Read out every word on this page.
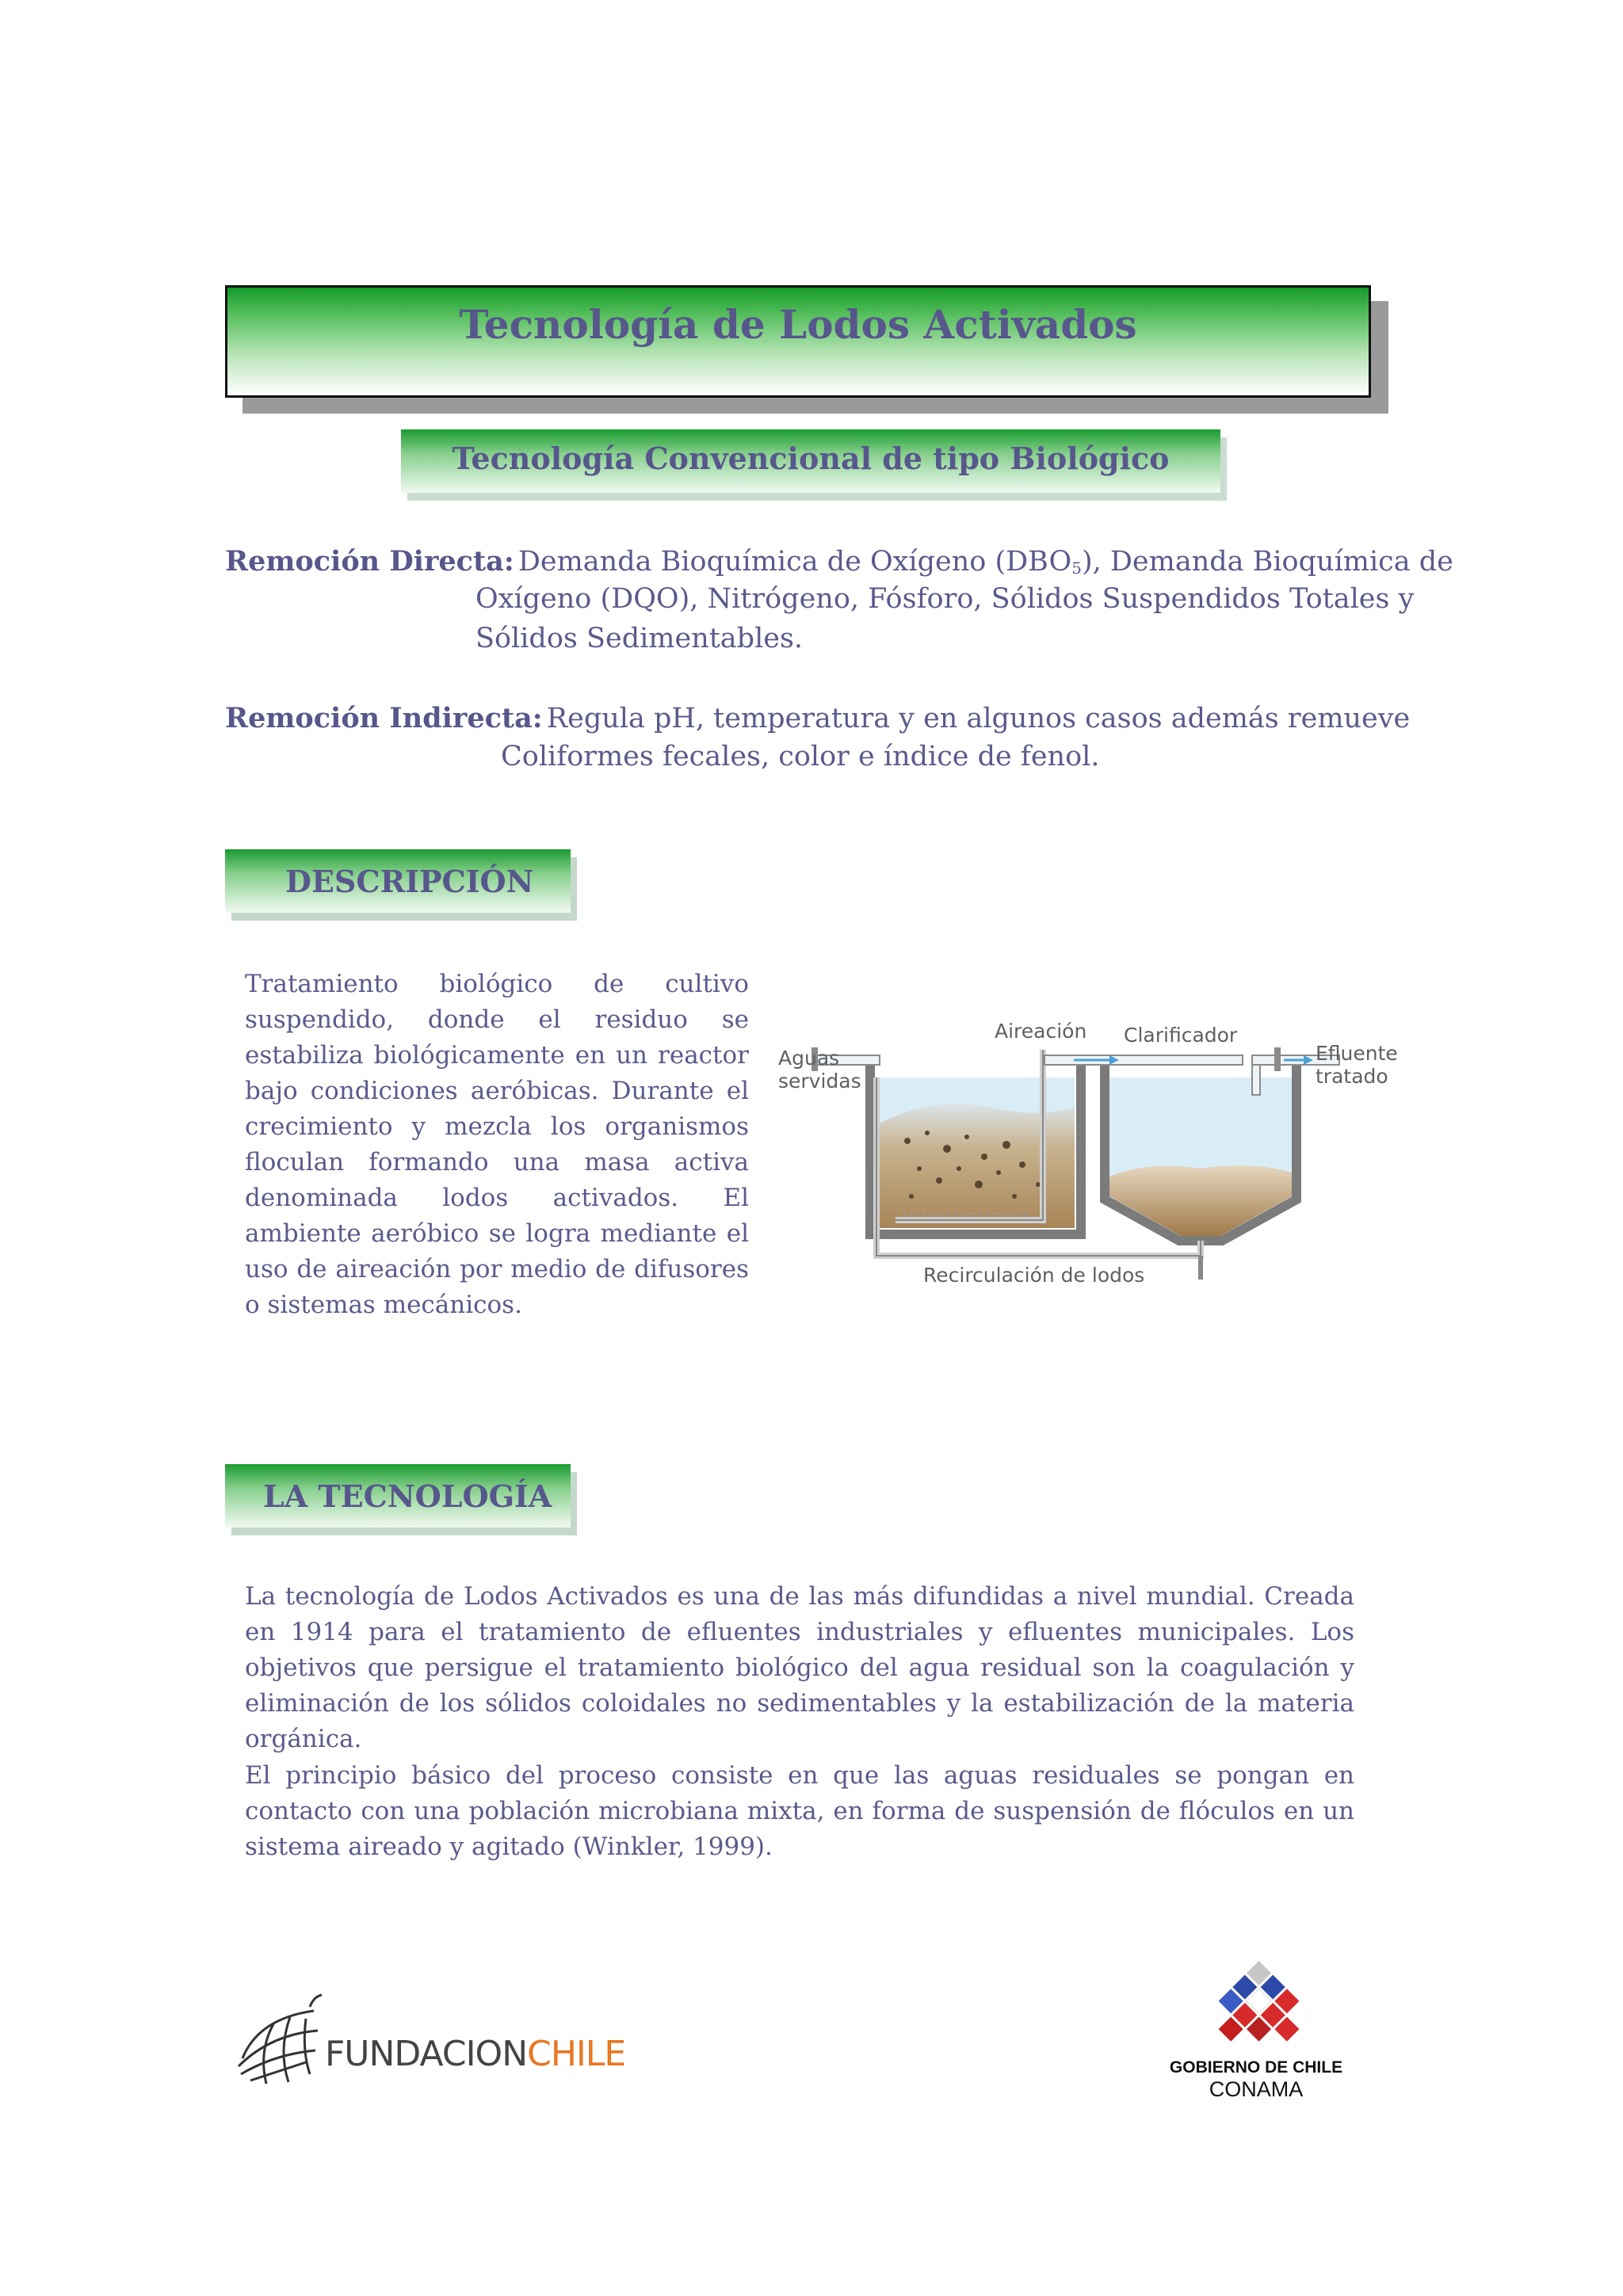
Tecnología de Lodos Activados
Tecnología Convencional de tipo Biológico
Remoción Directa: Demanda Bioquímica de Oxígeno $(DBO_5)$, Demanda Bioquímica de
Oxígeno (DQO), Nitrógeno, Fósforo, Sólidos Suspendidos Totales y
Sólidos Sedimentables.
Remoción Indirecta: Regula pH, temperatura y en algunos casos además remueve
Coliformes fecales, color e índice de fenol.
DESCRIPCIÓN
Tratamiento biológico de cultivo suspendido, donde el residuo se estabiliza biológicamente en un reactor bajo condiciones aeróbicas. Durante el crecimiento y mezcla los organismos floculan formando una masa activa denominada lodos activados. El ambiente aeróbico se logra mediante el uso de aireación por medio de difusores o sistemas mecánicos.
Aireación Clarificador
Aguas
servidas
Efluente
tratado
Recirculación de lodos
LA TECNOLOGÍA
La tecnología de Lodos Activados es una de las más difundidas a nivel mundial. Creada en 1914 para el tratamiento de efluentes industriales y efluentes municipales. Los objetivos que persigue el tratamiento biológico del agua residual son la coagulación y eliminación de los sólidos coloidales no sedimentables y la estabilización de la materia orgánica.
El principio básico del proceso consiste en que las aguas residuales se pongan en contacto con una población microbiana mixta, en forma de suspensión de flóculos en un sistema aireado y agitado (Winkler, 1999).
FUNDACIONCHILE	GOBIERNO DE CHILE
CONAMA
